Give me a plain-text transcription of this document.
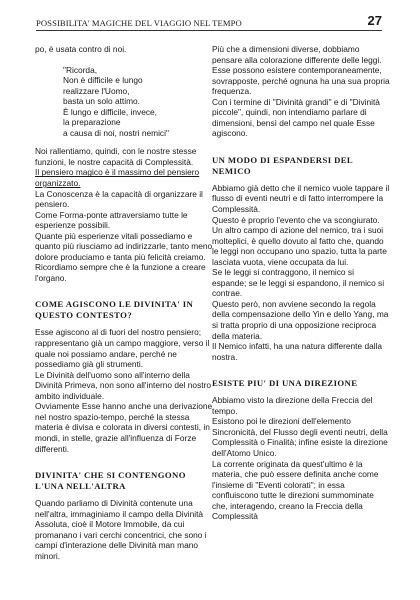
POSSIBILITA' MAGICHE DEL VIAGGIO NEL TEMPO	27

po, è usata contro di noi.

"Ricorda,
Non è difficile e lungo
realizzare l'Uomo,
basta un solo attimo.
È lungo e difficile, invece,
la preparazione
a causa di noi, nostri nemici"

Noi rallentiamo, quindi, con le nostre stesse funzioni, le nostre capacità di Complessità.

Il pensiero magico è il massimo del pensiero organizzato.

La Conoscenza è la capacità di organizzare il pensiero.

Come Forma-ponte attraversiamo tutte le esperienze possibili.

Quante più esperienze vitali possediamo e quanto più riusciamo ad indirizzarle, tanto meno dolore produciamo e tanta più felicità creiamo.

Ricordiamo sempre che è la funzione a creare l'organo.

COME AGISCONO LE DIVINITA' IN QUESTO CONTESTO?

Esse agiscono al di fuori del nostro pensiero; rappresentano già un campo maggiore, verso il quale noi possiamo andare, perché ne possediamo già gli strumenti.

Le Divinità dell'uomo sono all'interno della Divinità Primeva, non sono all'interno del nostro ambito individuale.

Ovviamente Esse hanno anche una derivazione nel nostro spazio-tempo, perché la stessa materia è divisa e colorata in diversi contesti, in mondi, in stelle, grazie all'influenza di Forze differenti.

DIVINITA' CHE SI CONTENGONO L'UNA NELL'ALTRA

Quando parliamo di Divinità contenute una nell'altra, immaginiamo il campo della Divinità Assoluta, cioè il Motore Immobile, da cui promanano i vari cerchi concentrici, che sono i campi d'interazione delle Divinità man mano minori.

Più che a dimensioni diverse, dobbiamo pensare alla colorazione differente delle leggi.

Esse possono esistere contemporaneamente, sovrapposte, perché ognuna ha una sua propria frequenza.

Con i termine di "Divinità grandi" e di "Divinità piccole", quindi, non intendiamo parlare di dimensioni, bensì del campo nel quale Esse agiscono.

UN MODO DI ESPANDERSI DEL NEMICO

Abbiamo già detto che il nemico vuole tappare il flusso di eventi neutri e di fatto interrompere la Complessità.

Questo è proprio l'evento che va scongiurato.

Un altro campo di azione del nemico, tra i suoi molteplici, è quello dovuto al fatto che, quando le leggi non occupano uno spazio, tutta la parte lasciata vuota, viene occupata da lui.

Se le leggi si contraggono, il nemico si espande; se le leggi si espandono, il nemico si contrae.

Questo però, non avviene secondo la regola della compensazione dello Yin e dello Yang, ma si tratta proprio di una opposizione reciproca della materia.

Il Nemico infatti, ha una natura differente dalla nostra.

ESISTE PIU' DI UNA DIREZIONE

Abbiamo visto la direzione della Freccia del tempo.

Esistono poi le direzioni dell'elemento Sincronicità, del Flusso degli eventi neutri, della Complessità o Finalità; infine esiste la direzione dell'Atomo Unico.

La corrente originata da quest'ultimo è la materia, che può essere definita anche come l'insieme di "Eventi colorati"; in essa confluiscono tutte le direzioni summominate che, interagendo, creano la Freccia della Complessità
